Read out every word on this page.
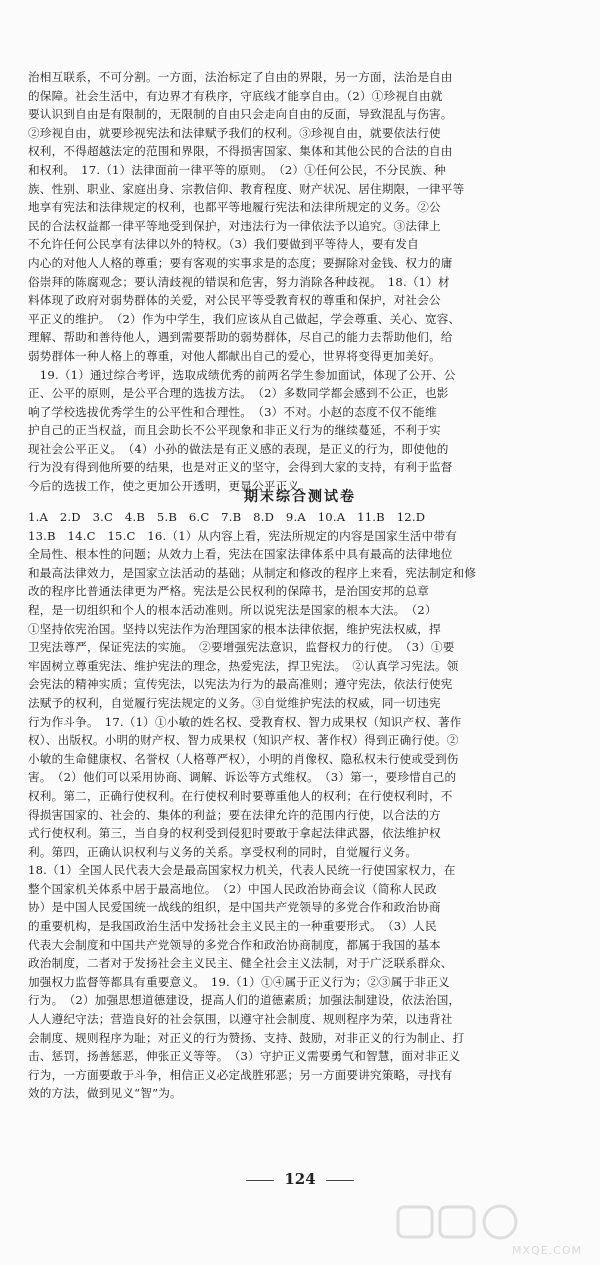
治相互联系，不可分割。一方面，法治标定了自由的界限，另一方面，法治是自由
的保障。社会生活中，有边界才有秩序，守底线才能享自由。（2）①珍视自由就
要认识到自由是有限制的，无限制的自由只会走向自由的反面，导致混乱与伤害。
②珍视自由，就要珍视宪法和法律赋予我们的权利。③珍视自由，就要依法行使
权利，不得超越法定的范围和界限，不得损害国家、集体和其他公民的合法的自由
和权利。　17.（1）法律面前一律平等的原则。　（2）①任何公民，不分民族、种
族、性别、职业、家庭出身、宗教信仰、教育程度、财产状况、居住期限，一律平等
地享有宪法和法律规定的权利，也都平等地履行宪法和法律所规定的义务。②公
民的合法权益都一律平等地受到保护，对违法行为一律依法予以追究。③法律上
不允许任何公民享有法律以外的特权。（3）我们要做到平等待人，要有发自
内心的对他人人格的尊重；要有客观的实事求是的态度；要摒除对金钱、权力的庸
俗崇拜的陈腐观念；要认清歧视的错误和危害，努力消除各种歧视。　18.（1）材
料体现了政府对弱势群体的关爱，对公民平等受教育权的尊重和保护，对社会公
平正义的维护。　（2）作为中学生，我们应该从自己做起，学会尊重、关心、宽容、
理解、帮助和善待他人，遇到需要帮助的弱势群体，尽自己的能力去帮助他们，给
弱势群体一种人格上的尊重，对他人都献出自己的爱心，世界将变得更加美好。
　19.（1）通过综合考评，选取成绩优秀的前两名学生参加面试，体现了公开、公
正、公平的原则，是公平合理的选拔方法。　（2）多数同学都会感到不公正，也影
响了学校选拔优秀学生的公平性和合理性。　（3）不对。小赵的态度不仅不能维
护自己的正当权益，而且会助长不公平现象和非正义行为的继续蔓延，不利于实
现社会公平正义。　（4）小孙的做法是有正义感的表现，是正义的行为，即使他的
行为没有得到他所要的结果，也是对正义的坚守，会得到大家的支持，有利于监督
今后的选拔工作，使之更加公开透明，更显公平正义。
期末综合测试卷
1.A　2.D　3.C　4.B　5.B　6.C　7.B　8.D　9.A　10.A　11.B　12.D
13.B　14.C　15.C　16.（1）从内容上看，宪法所规定的内容是国家生活中带有
全局性、根本性的问题；从效力上看，宪法在国家法律体系中具有最高的法律地位
和最高法律效力，是国家立法活动的基础；从制定和修改的程序上来看，宪法制定和修
改的程序比普通法律更为严格。宪法是公民权利的保障书，是治国安邦的总章
程，是一切组织和个人的根本活动准则。所以说宪法是国家的根本大法。　（2）
①坚持依宪治国。坚持以宪法作为治理国家的根本法律依据，维护宪法权威，捍
卫宪法尊严，保证宪法的实施。　②要增强宪法意识，监督权力的行使。　（3）①要
牢固树立尊重宪法、维护宪法的理念，热爱宪法，捍卫宪法。　②认真学习宪法。领
会宪法的精神实质；宣传宪法，以宪法为行为的最高准则；遵守宪法，依法行使宪
法赋予的权利，自觉履行宪法规定的义务。③自觉维护宪法的权威，同一切违宪
行为作斗争。　17.（1）①小敏的姓名权、受教育权、智力成果权（知识产权、著作
权）、出版权。小明的财产权、智力成果权（知识产权、著作权）得到正确行使。②
小敏的生命健康权、名誉权（人格尊严权），小明的肖像权、隐私权未行使或受到伤
害。　（2）他们可以采用协商、调解、诉讼等方式维权。　（3）第一，要珍惜自己的
权利。第二，正确行使权利。在行使权利时要尊重他人的权利；在行使权利时，不
得损害国家的、社会的、集体的利益；要在法律允许的范围内行使，以合法的方
式行使权利。第三，当自身的权利受到侵犯时要敢于拿起法律武器，依法维护权
利。第四，正确认识权利与义务的关系。享受权利的同时，自觉履行义务。
18.（1）全国人民代表大会是最高国家权力机关，代表人民统一行使国家权力，在
整个国家机关体系中居于最高地位。　（2）中国人民政治协商会议（简称人民政
协）是中国人民爱国统一战线的组织，是中国共产党领导的多党合作和政治协商
的重要机构，是我国政治生活中发扬社会主义民主的一种重要形式。　（3）人民
代表大会制度和中国共产党领导的多党合作和政治协商制度，都属于我国的基本
政治制度，二者对于发扬社会主义民主、健全社会主义法制，对于广泛联系群众、
加强权力监督等都具有重要意义。　19.（1）①④属于正义行为；②③属于非正义
行为。　（2）加强思想道德建设，提高人们的道德素质；加强法制建设，依法治国，
人人遵纪守法；营造良好的社会氛围，以遵守社会制度、规则程序为荣，以违背社
会制度、规则程序为耻；对正义的行为赞扬、支持、鼓励，对非正义的行为制止、打
击、惩罚，扬善惩恶，伸张正义等等。　（3）守护正义需要勇气和智慧，面对非正义
行为，一方面要敢于斗争，相信正义必定战胜邪恶；另一方面要讲究策略，寻找有
效的方法，做到见义“智”为。
124
MXQE.COM
